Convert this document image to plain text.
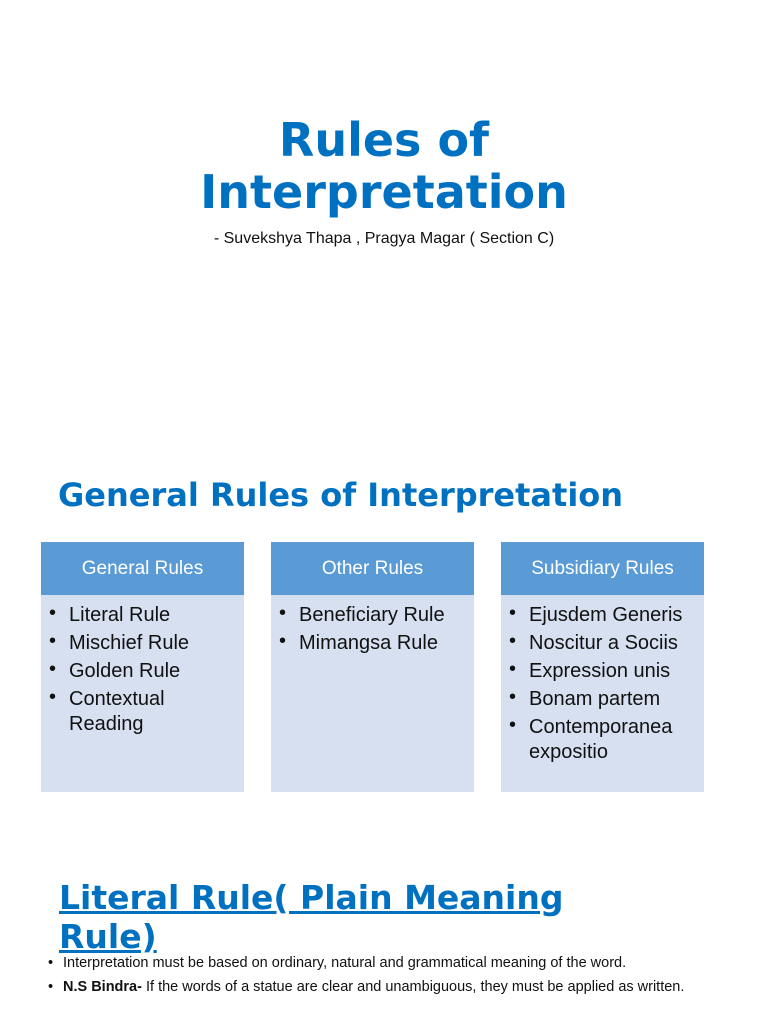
Rules of
Interpretation
- Suvekshya Thapa , Pragya Magar ( Section C)
General Rules of Interpretation
General Rules
• Literal Rule
• Mischief Rule
• Golden Rule
• Contextual Reading
Other Rules
• Beneficiary Rule
• Mimangsa Rule
Subsidiary Rules
• Ejusdem Generis
• Noscitur a Sociis
• Expression unis
• Bonam partem
• Contemporanea expositio
Literal Rule( Plain Meaning
Rule)
• Interpretation must be based on ordinary, natural and grammatical meaning of the word.
• N.S Bindra- If the words of a statue are clear and unambiguous, they must be applied as written.
